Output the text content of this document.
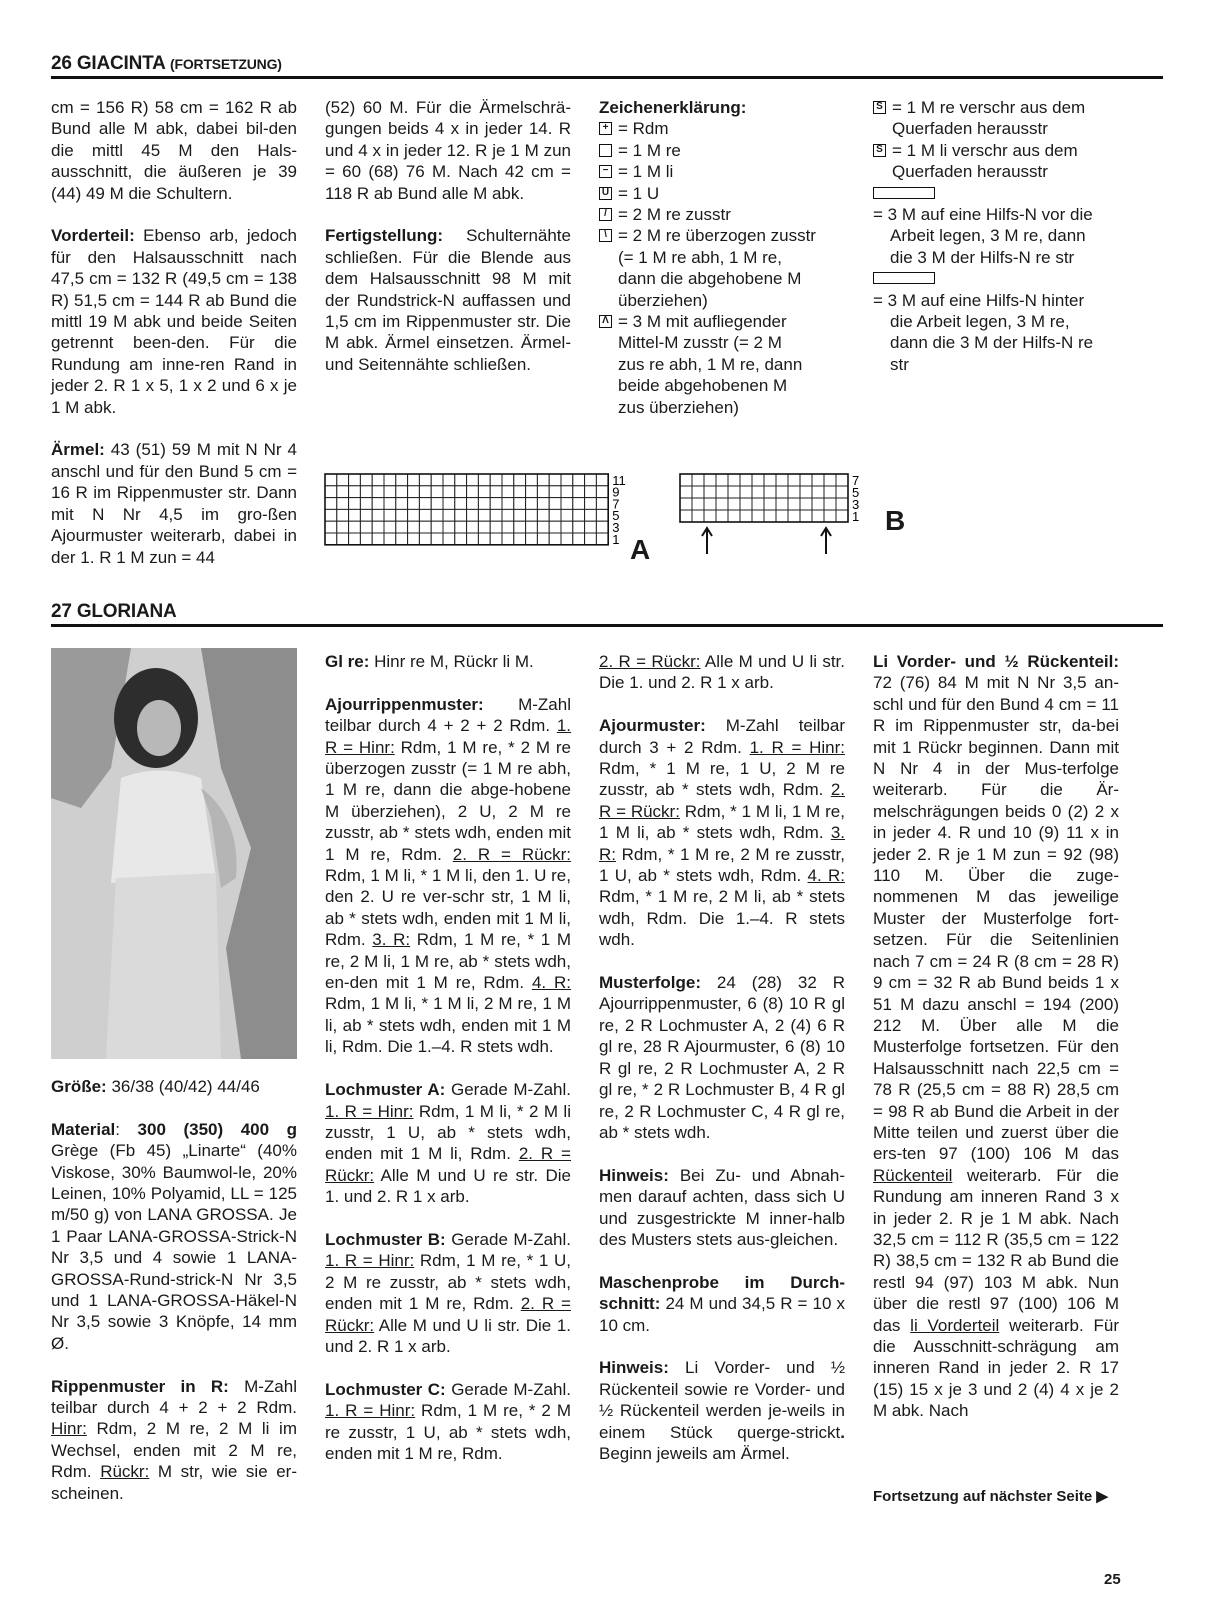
26 GIACINTA (FORTSETZUNG)

cm = 156 R) 58 cm = 162 R ab Bund alle M abk, dabei bil-den die mittl 45 M den Hals-ausschnitt, die äußeren je 39 (44) 49 M die Schultern.

Vorderteil: Ebenso arb, jedoch für den Halsausschnitt nach 47,5 cm = 132 R (49,5 cm = 138 R) 51,5 cm = 144 R ab Bund die mittl 19 M abk und beide Seiten getrennt been-den. Für die Rundung am inne-ren Rand in jeder 2. R 1 x 5, 1 x 2 und 6 x je 1 M abk.

Ärmel: 43 (51) 59 M mit N Nr 4 anschl und für den Bund 5 cm = 16 R im Rippenmuster str. Dann mit N Nr 4,5 im gro-ßen Ajourmuster weiterarb, dabei in der 1. R 1 M zun = 44

(52) 60 M. Für die Ärmelschrä-gungen beids 4 x in jeder 14. R und 4 x in jeder 12. R je 1 M zun = 60 (68) 76 M. Nach 42 cm = 118 R ab Bund alle M abk.

Fertigstellung: Schulternähte schließen. Für die Blende aus dem Halsausschnitt 98 M mit der Rundstrick-N auffassen und 1,5 cm im Rippenmuster str. Die M abk. Ärmel einsetzen. Ärmel- und Seitennähte schließen.

Zeichenerklärung:
+ = Rdm
= 1 M re
− = 1 M li
U = 1 U
/ = 2 M re zusstr
\ = 2 M re überzogen zusstr
(= 1 M re abh, 1 M re,
dann die abgehobene M
überziehen)
Λ = 3 M mit aufliegender
Mittel-M zusstr (= 2 M
zus re abh, 1 M re, dann
beide abgehobenen M
zus überziehen)
S = 1 M re verschr aus dem
Querfaden herausstr
S = 1 M li verschr aus dem
Querfaden herausstr
= 3 M auf eine Hilfs-N vor die
Arbeit legen, 3 M re, dann
die 3 M der Hilfs-N re str
= 3 M auf eine Hilfs-N hinter
die Arbeit legen, 3 M re,
dann die 3 M der Hilfs-N re
str
11
9
7
5
3
1 A
7
5
3
1 B
27 GLORIANA

Größe: 36/38 (40/42) 44/46

Material: 300 (350) 400 g Grège (Fb 45) „Linarte“ (40% Viskose, 30% Baumwol-le, 20% Leinen, 10% Polyamid, LL = 125 m/50 g) von LANA GROSSA. Je 1 Paar LANA-GROSSA-Strick-N Nr 3,5 und 4 sowie 1 LANA-GROSSA-Rund-strick-N Nr 3,5 und 1 LANA-GROSSA-Häkel-N Nr 3,5 sowie 3 Knöpfe, 14 mm Ø.

Rippenmuster in R: M-Zahl teilbar durch 4 + 2 + 2 Rdm. Hinr: Rdm, 2 M re, 2 M li im Wechsel, enden mit 2 M re, Rdm. Rückr: M str, wie sie er-scheinen.

Gl re: Hinr re M, Rückr li M.

Ajourrippenmuster: M-Zahl teilbar durch 4 + 2 + 2 Rdm. 1. R = Hinr: Rdm, 1 M re, * 2 M re überzogen zusstr (= 1 M re abh, 1 M re, dann die abge-hobene M überziehen), 2 U, 2 M re zusstr, ab * stets wdh, enden mit 1 M re, Rdm. 2. R = Rückr: Rdm, 1 M li, * 1 M li, den 1. U re, den 2. U re ver-schr str, 1 M li, ab * stets wdh, enden mit 1 M li, Rdm. 3. R: Rdm, 1 M re, * 1 M re, 2 M li, 1 M re, ab * stets wdh, en-den mit 1 M re, Rdm. 4. R: Rdm, 1 M li, * 1 M li, 2 M re, 1 M li, ab * stets wdh, enden mit 1 M li, Rdm. Die 1.–4. R stets wdh.

Lochmuster A: Gerade M-Zahl. 1. R = Hinr: Rdm, 1 M li, * 2 M li zusstr, 1 U, ab * stets wdh, enden mit 1 M li, Rdm. 2. R = Rückr: Alle M und U re str. Die 1. und 2. R 1 x arb.

Lochmuster B: Gerade M-Zahl. 1. R = Hinr: Rdm, 1 M re, * 1 U, 2 M re zusstr, ab * stets wdh, enden mit 1 M re, Rdm. 2. R = Rückr: Alle M und U li str. Die 1. und 2. R 1 x arb.

Lochmuster C: Gerade M-Zahl. 1. R = Hinr: Rdm, 1 M re, * 2 M re zusstr, 1 U, ab * stets wdh, enden mit 1 M re, Rdm.

2. R = Rückr: Alle M und U li str. Die 1. und 2. R 1 x arb.

Ajourmuster: M-Zahl teilbar durch 3 + 2 Rdm. 1. R = Hinr: Rdm, * 1 M re, 1 U, 2 M re zusstr, ab * stets wdh, Rdm. 2. R = Rückr: Rdm, * 1 M li, 1 M re, 1 M li, ab * stets wdh, Rdm. 3. R: Rdm, * 1 M re, 2 M re zusstr, 1 U, ab * stets wdh, Rdm. 4. R: Rdm, * 1 M re, 2 M li, ab * stets wdh, Rdm. Die 1.–4. R stets wdh.

Musterfolge: 24 (28) 32 R Ajourrippenmuster, 6 (8) 10 R gl re, 2 R Lochmuster A, 2 (4) 6 R gl re, 28 R Ajourmuster, 6 (8) 10 R gl re, 2 R Lochmuster A, 2 R gl re, * 2 R Lochmuster B, 4 R gl re, 2 R Lochmuster C, 4 R gl re, ab * stets wdh.

Hinweis: Bei Zu- und Abnah-men darauf achten, dass sich U und zusgestrickte M inner-halb des Musters stets aus-gleichen.

Maschenprobe im Durch-schnitt: 24 M und 34,5 R = 10 x 10 cm.

Hinweis: Li Vorder- und ½ Rückenteil sowie re Vorder- und ½ Rückenteil werden je-weils in einem Stück querge-strickt. Beginn jeweils am Ärmel.

Li Vorder- und ½ Rückenteil: 72 (76) 84 M mit N Nr 3,5 an-schl und für den Bund 4 cm = 11 R im Rippenmuster str, da-bei mit 1 Rückr beginnen. Dann mit N Nr 4 in der Mus-terfolge weiterarb. Für die Är-melschrägungen beids 0 (2) 2 x in jeder 4. R und 10 (9) 11 x in jeder 2. R je 1 M zun = 92 (98) 110 M. Über die zuge-nommenen M das jeweilige Muster der Musterfolge fort-setzen. Für die Seitenlinien nach 7 cm = 24 R (8 cm = 28 R) 9 cm = 32 R ab Bund beids 1 x 51 M dazu anschl = 194 (200) 212 M. Über alle M die Musterfolge fortsetzen. Für den Halsausschnitt nach 22,5 cm = 78 R (25,5 cm = 88 R) 28,5 cm = 98 R ab Bund die Arbeit in der Mitte teilen und zuerst über die ers-ten 97 (100) 106 M das Rückenteil weiterarb. Für die Rundung am inneren Rand 3 x in jeder 2. R je 1 M abk. Nach 32,5 cm = 112 R (35,5 cm = 122 R) 38,5 cm = 132 R ab Bund die restl 94 (97) 103 M abk. Nun über die restl 97 (100) 106 M das li Vorderteil weiterarb. Für die Ausschnitt-schrägung am inneren Rand in jeder 2. R 17 (15) 15 x je 3 und 2 (4) 4 x je 2 M abk. Nach

Fortsetzung auf nächster Seite ▶
25
